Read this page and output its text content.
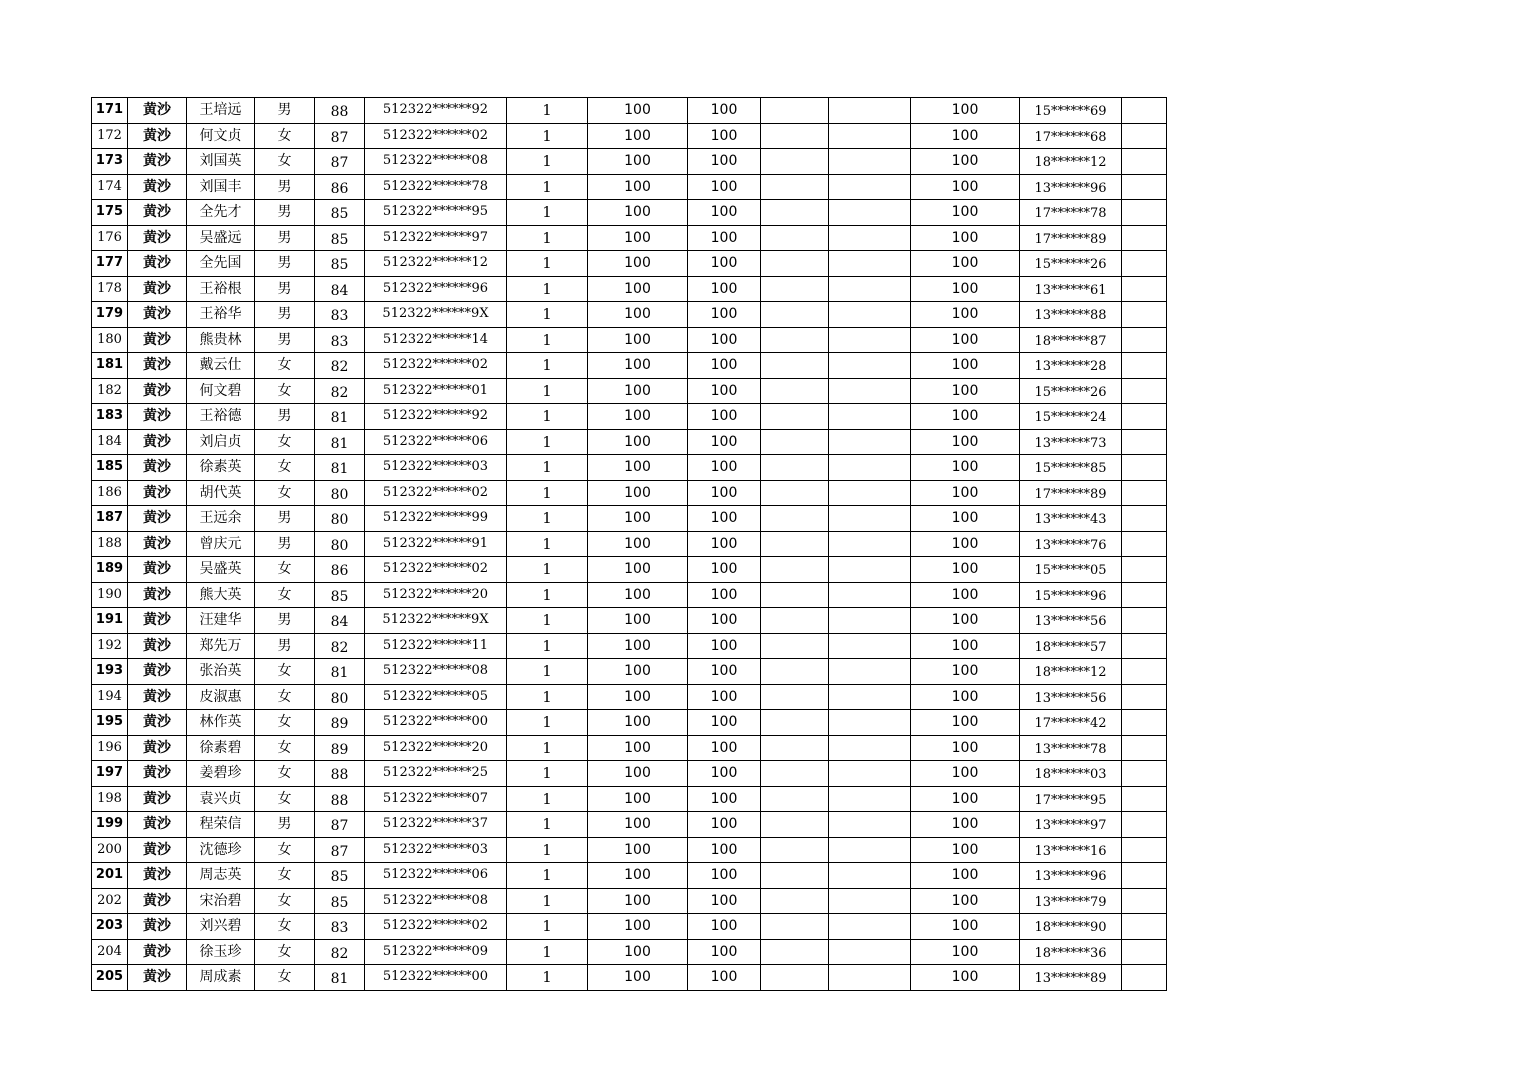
171	黄沙	王培远	男	88	512322******92	1	100	100			100	15******69	
172	黄沙	何文贞	女	87	512322******02	1	100	100			100	17******68	
173	黄沙	刘国英	女	87	512322******08	1	100	100			100	18******12	
174	黄沙	刘国丰	男	86	512322******78	1	100	100			100	13******96	
175	黄沙	全先才	男	85	512322******95	1	100	100			100	17******78	
176	黄沙	吴盛远	男	85	512322******97	1	100	100			100	17******89	
177	黄沙	全先国	男	85	512322******12	1	100	100			100	15******26	
178	黄沙	王裕根	男	84	512322******96	1	100	100			100	13******61	
179	黄沙	王裕华	男	83	512322******9X	1	100	100			100	13******88	
180	黄沙	熊贵林	男	83	512322******14	1	100	100			100	18******87	
181	黄沙	戴云仕	女	82	512322******02	1	100	100			100	13******28	
182	黄沙	何文碧	女	82	512322******01	1	100	100			100	15******26	
183	黄沙	王裕德	男	81	512322******92	1	100	100			100	15******24	
184	黄沙	刘启贞	女	81	512322******06	1	100	100			100	13******73	
185	黄沙	徐素英	女	81	512322******03	1	100	100			100	15******85	
186	黄沙	胡代英	女	80	512322******02	1	100	100			100	17******89	
187	黄沙	王远余	男	80	512322******99	1	100	100			100	13******43	
188	黄沙	曾庆元	男	80	512322******91	1	100	100			100	13******76	
189	黄沙	吴盛英	女	86	512322******02	1	100	100			100	15******05	
190	黄沙	熊大英	女	85	512322******20	1	100	100			100	15******96	
191	黄沙	汪建华	男	84	512322******9X	1	100	100			100	13******56	
192	黄沙	郑先万	男	82	512322******11	1	100	100			100	18******57	
193	黄沙	张治英	女	81	512322******08	1	100	100			100	18******12	
194	黄沙	皮淑惠	女	80	512322******05	1	100	100			100	13******56	
195	黄沙	林作英	女	89	512322******00	1	100	100			100	17******42	
196	黄沙	徐素碧	女	89	512322******20	1	100	100			100	13******78	
197	黄沙	姜碧珍	女	88	512322******25	1	100	100			100	18******03	
198	黄沙	袁兴贞	女	88	512322******07	1	100	100			100	17******95	
199	黄沙	程荣信	男	87	512322******37	1	100	100			100	13******97	
200	黄沙	沈德珍	女	87	512322******03	1	100	100			100	13******16	
201	黄沙	周志英	女	85	512322******06	1	100	100			100	13******96	
202	黄沙	宋治碧	女	85	512322******08	1	100	100			100	13******79	
203	黄沙	刘兴碧	女	83	512322******02	1	100	100			100	18******90	
204	黄沙	徐玉珍	女	82	512322******09	1	100	100			100	18******36	
205	黄沙	周成素	女	81	512322******00	1	100	100			100	13******89	
